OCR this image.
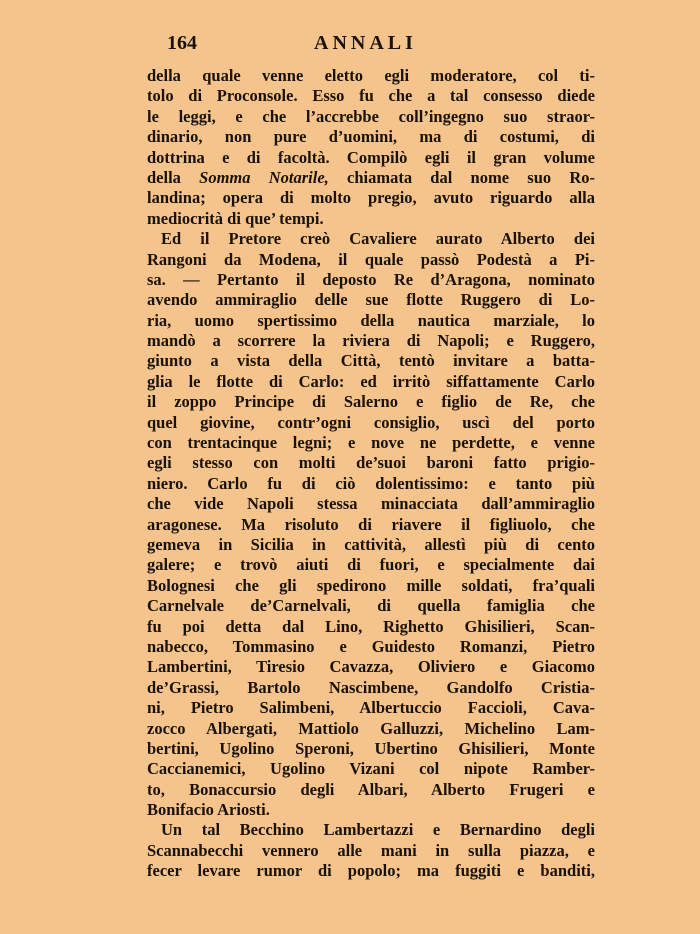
164	ANNALI
della quale venne eletto egli moderatore, col ti-
tolo di Proconsole. Esso fu che a tal consesso diede
le leggi, e che l’accrebbe coll’ingegno suo straor-
dinario, non pure d’uomini, ma di costumi, di
dottrina e di facoltà. Compilò egli il gran volume
della Somma Notarile, chiamata dal nome suo Ro-
landina; opera di molto pregio, avuto riguardo alla
mediocrità di que’ tempi.
Ed il Pretore creò Cavaliere aurato Alberto dei
Rangoni da Modena, il quale passò Podestà a Pi-
sa. — Pertanto il deposto Re d’Aragona, nominato
avendo ammiraglio delle sue flotte Ruggero di Lo-
ria, uomo spertissimo della nautica marziale, lo
mandò a scorrere la riviera di Napoli; e Ruggero,
giunto a vista della Città, tentò invitare a batta-
glia le flotte di Carlo: ed irritò siffattamente Carlo
il zoppo Principe di Salerno e figlio de Re, che
quel giovine, contr’ogni consiglio, uscì del porto
con trentacinque legni; e nove ne perdette, e venne
egli stesso con molti de’suoi baroni fatto prigio-
niero. Carlo fu di ciò dolentissimo: e tanto più
che vide Napoli stessa minacciata dall’ammiraglio
aragonese. Ma risoluto di riavere il figliuolo, che
gemeva in Sicilia in cattività, allestì più di cento
galere; e trovò aiuti di fuori, e specialmente dai
Bolognesi che gli spedirono mille soldati, fra’quali
Carnelvale de’Carnelvali, di quella famiglia che
fu poi detta dal Lino, Righetto Ghisilieri, Scan-
nabecco, Tommasino e Guidesto Romanzi, Pietro
Lambertini, Tiresio Cavazza, Oliviero e Giacomo
de’Grassi, Bartolo Nascimbene, Gandolfo Cristia-
ni, Pietro Salimbeni, Albertuccio Faccioli, Cava-
zocco Albergati, Mattiolo Galluzzi, Michelino Lam-
bertini, Ugolino Speroni, Ubertino Ghisilieri, Monte
Caccianemici, Ugolino Vizani col nipote Ramber-
to, Bonaccursio degli Albari, Alberto Frugeri e
Bonifacio Ariosti.
Un tal Becchino Lambertazzi e Bernardino degli
Scannabecchi vennero alle mani in sulla piazza, e
fecer levare rumor di popolo; ma fuggiti e banditi,
